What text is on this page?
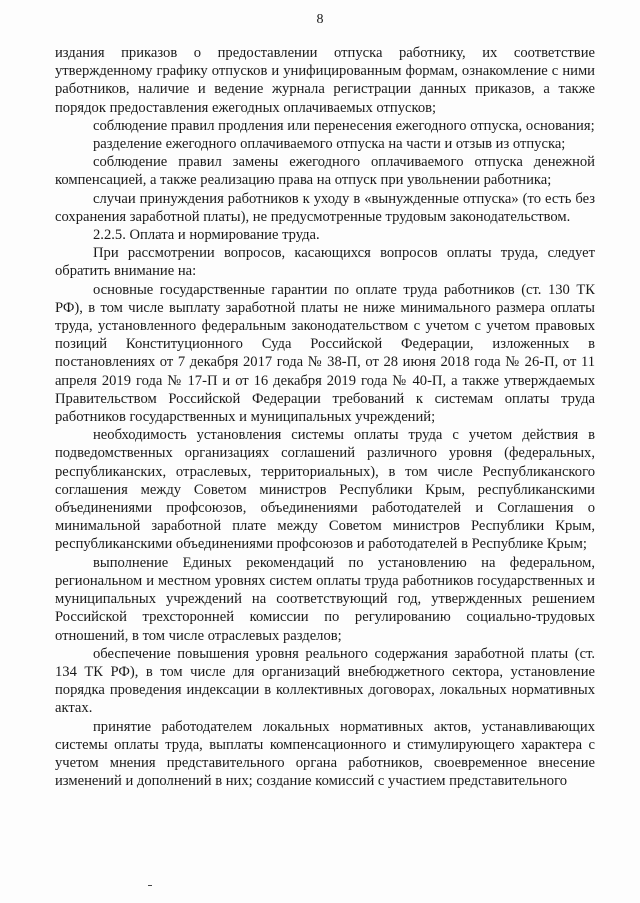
8

издания приказов о предоставлении отпуска работнику, их соответствие утвержденному графику отпусков и унифицированным формам, ознакомление с ними работников, наличие и ведение журнала регистрации данных приказов, а также порядок предоставления ежегодных оплачиваемых отпусков;

соблюдение правил продления или перенесения ежегодного отпуска, основания;

разделение ежегодного оплачиваемого отпуска на части и отзыв из отпуска;

соблюдение правил замены ежегодного оплачиваемого отпуска денежной компенсацией, а также реализацию права на отпуск при увольнении работника;

случаи принуждения работников к уходу в «вынужденные отпуска» (то есть без сохранения заработной платы), не предусмотренные трудовым законодательством.

2.2.5. Оплата и нормирование труда.

При рассмотрении вопросов, касающихся вопросов оплаты труда, следует обратить внимание на:

основные государственные гарантии по оплате труда работников (ст. 130 ТК РФ), в том числе выплату заработной платы не ниже минимального размера оплаты труда, установленного федеральным законодательством с учетом с учетом правовых позиций Конституционного Суда Российской Федерации, изложенных в постановлениях от 7 декабря 2017 года № 38-П, от 28 июня 2018 года № 26-П, от 11 апреля 2019 года № 17-П и от 16 декабря 2019 года № 40-П, а также утверждаемых Правительством Российской Федерации требований к системам оплаты труда работников государственных и муниципальных учреждений;

необходимость установления системы оплаты труда с учетом действия в подведомственных организациях соглашений различного уровня (федеральных, республиканских, отраслевых, территориальных), в том числе Республиканского соглашения между Советом министров Республики Крым, республиканскими объединениями профсоюзов, объединениями работодателей и Соглашения о минимальной заработной плате между Советом министров Республики Крым, республиканскими объединениями профсоюзов и работодателей в Республике Крым;

выполнение Единых рекомендаций по установлению на федеральном, региональном и местном уровнях систем оплаты труда работников государственных и муниципальных учреждений на соответствующий год, утвержденных решением Российской трехсторонней комиссии по регулированию социально-трудовых отношений, в том числе отраслевых разделов;

обеспечение повышения уровня реального содержания заработной платы (ст. 134 ТК РФ), в том числе для организаций внебюджетного сектора, установление порядка проведения индексации в коллективных договорах, локальных нормативных актах.

принятие работодателем локальных нормативных актов, устанавливающих системы оплаты труда, выплаты компенсационного и стимулирующего характера с учетом мнения представительного органа работников, своевременное внесение изменений и дополнений в них; создание комиссий с участием представительного
